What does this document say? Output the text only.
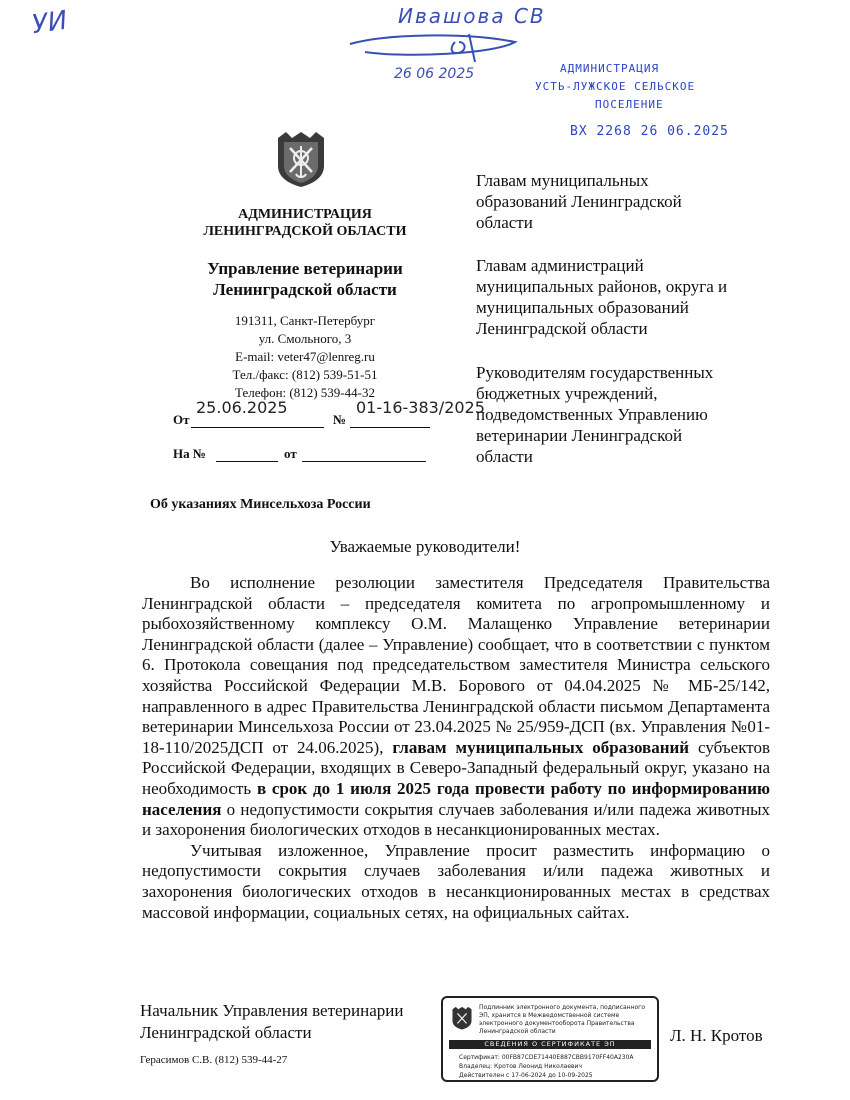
УИ	Ивашова СВ
26 06 2025	АДМИНИСТРАЦИЯ
УСТЬ-ЛУЖСКОЕ СЕЛЬСКОЕ
ПОСЕЛЕНИЕ
ВХ 2268 26 06.2025
АДМИНИСТРАЦИЯ
ЛЕНИНГРАДСКОЙ ОБЛАСТИ
Управление ветеринарии
Ленинградской области
191311, Санкт-Петербург
ул. Смольного, 3
E-mail: veter47@lenreg.ru
Тел./факс: (812) 539-51-51
Телефон: (812) 539-44-32
От
25.06.2025
№
01-16-383/2025
На №	от
Главам муниципальных
образований Ленинградской
области
Главам администраций
муниципальных районов, округа и
муниципальных образований
Ленинградской области
Руководителям государственных
бюджетных учреждений,
подведомственных Управлению
ветеринарии Ленинградской
области
Об указаниях Минсельхоза России
Уважаемые руководители!

Во исполнение резолюции заместителя Председателя Правительства Ленинградской области – председателя комитета по агропромышленному и рыбохозяйственному комплексу О.М. Малащенко Управление ветеринарии Ленинградской области (далее – Управление) сообщает, что в соответствии с пунктом 6. Протокола совещания под председательством заместителя Министра сельского хозяйства Российской Федерации М.В. Борового от 04.04.2025 № МБ-25/142, направленного в адрес Правительства Ленинградской области письмом Департамента ветеринарии Минсельхоза России от 23.04.2025 № 25/959-ДСП (вх. Управления №01-18-110/2025ДСП от 24.06.2025), главам муниципальных образований субъектов Российской Федерации, входящих в Северо-Западный федеральный округ, указано на необходимость в срок до 1 июля 2025 года провести работу по информированию населения о недопустимости сокрытия случаев заболевания и/или падежа животных и захоронения биологических отходов в несанкционированных местах.

Учитывая изложенное, Управление просит разместить информацию о недопустимости сокрытия случаев заболевания и/или падежа животных и захоронения биологических отходов в несанкционированных местах в средствах массовой информации, социальных сетях, на официальных сайтах.

Начальник Управления ветеринарии
Ленинградской области	Л. Н. Кротов
Герасимов С.В. (812) 539-44-27
Подлинник электронного документа, подписанного ЭП, хранится в Межведомственной системе электронного документооборота Правительства Ленинградской области
СВЕДЕНИЯ О СЕРТИФИКАТЕ ЭП
Сертификат: 00FB87CDE71440E887CBB9170FF40A230A
Владелец: Кротов Леонид Николаевич
Действителен с 17-06-2024 до 10-09-2025
